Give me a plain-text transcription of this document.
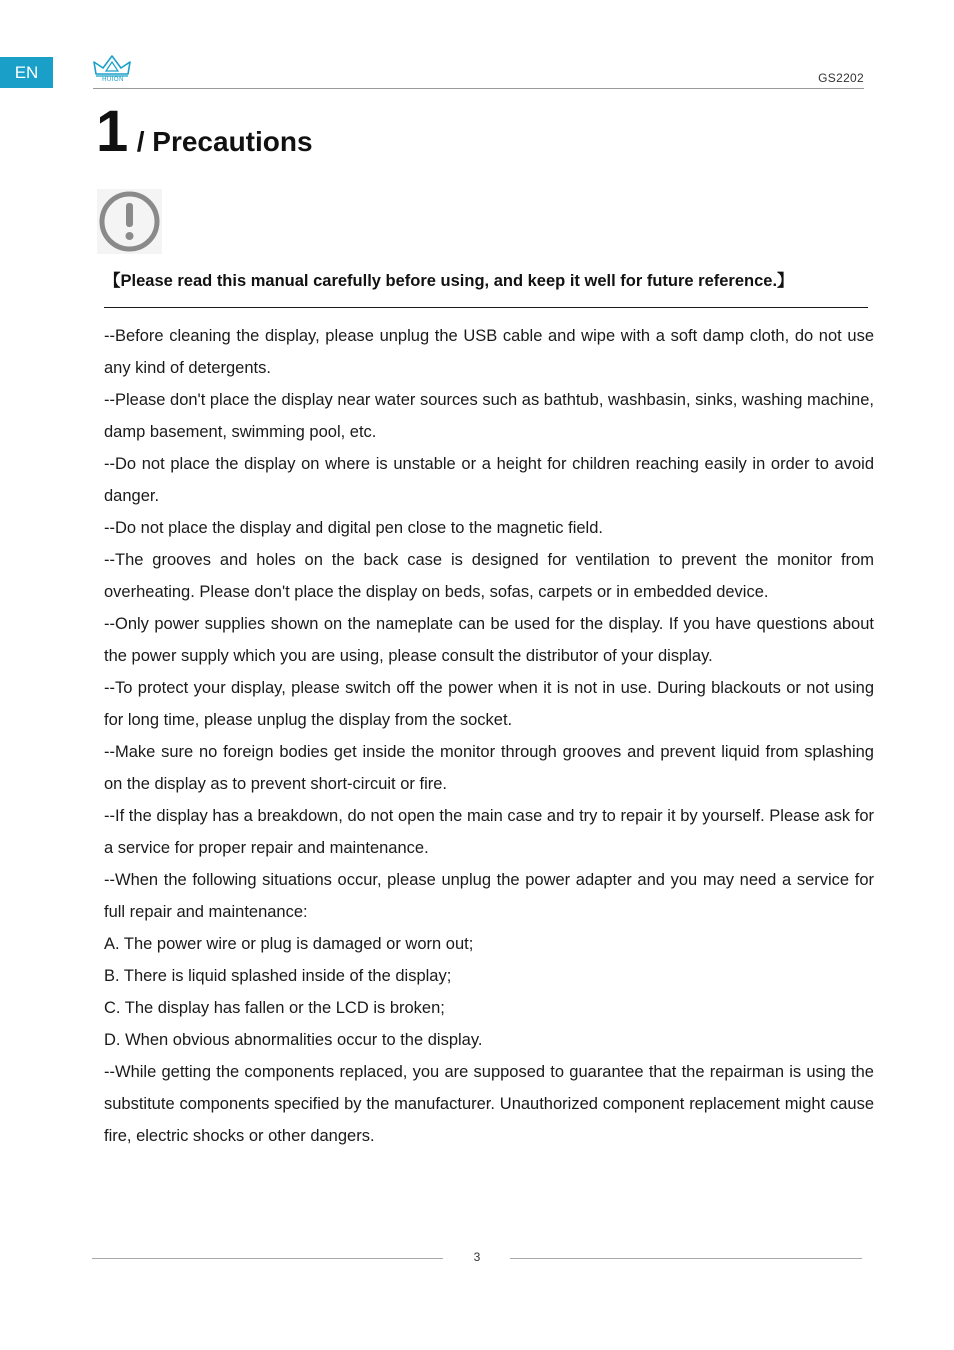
EN	HUION	GS2202
1 / Precautions
【Please read this manual carefully before using, and keep it well for future reference.】

--Before cleaning the display, please unplug the USB cable and wipe with a soft damp cloth, do not use any kind of detergents.

--Please don't place the display near water sources such as bathtub, washbasin, sinks, washing machine, damp basement, swimming pool, etc.

--Do not place the display on where is unstable or a height for children reaching easily in order to avoid danger.

--Do not place the display and digital pen close to the magnetic field.

--The grooves and holes on the back case is designed for ventilation to prevent the monitor from overheating. Please don't place the display on beds, sofas, carpets or in embedded device.

--Only power supplies shown on the nameplate can be used for the display. If you have questions about the power supply which you are using, please consult the distributor of your display.

--To protect your display, please switch off the power when it is not in use. During blackouts or not using for long time, please unplug the display from the socket.

--Make sure no foreign bodies get inside the monitor through grooves and prevent liquid from splashing on the display as to prevent short-circuit or fire.

--If the display has a breakdown, do not open the main case and try to repair it by yourself. Please ask for a service for proper repair and maintenance.

--When the following situations occur, please unplug the power adapter and you may need a service for full repair and maintenance:

A. The power wire or plug is damaged or worn out;

B. There is liquid splashed inside of the display;

C. The display has fallen or the LCD is broken;

D. When obvious abnormalities occur to the display.

--While getting the components replaced, you are supposed to guarantee that the repairman is using the substitute components specified by the manufacturer. Unauthorized component replacement might cause fire, electric shocks or other dangers.

3
